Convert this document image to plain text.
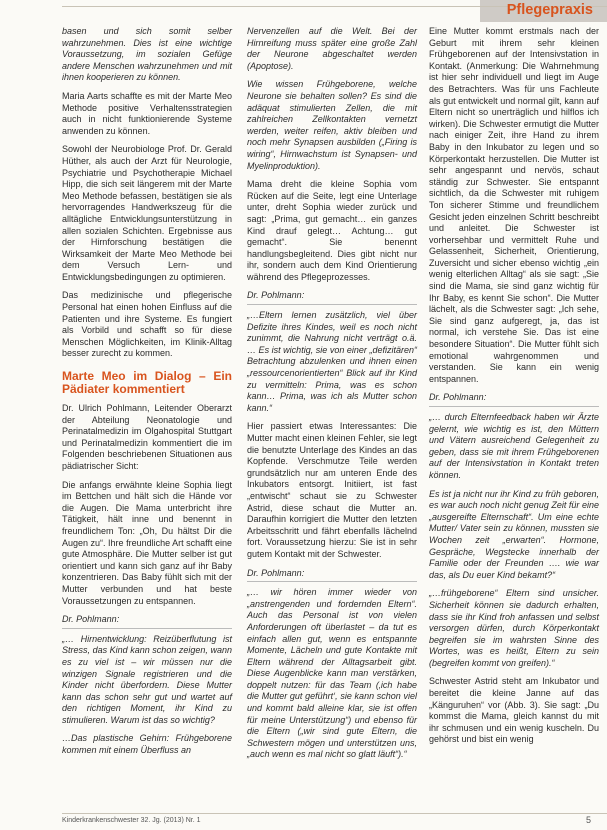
Pflegepraxis

basen und sich somit selber wahrzunehmen. Dies ist eine wichtige Voraussetzung, im sozialen Gefüge andere Menschen wahrzunehmen und mit ihnen kooperieren zu können.

Maria Aarts schaffte es mit der Marte Meo Methode positive Verhaltensstrategien auch in nicht funktionierende Systeme anwenden zu können.

Sowohl der Neurobiologe Prof. Dr. Gerald Hüther, als auch der Arzt für Neurologie, Psychiatrie und Psychotherapie Michael Hipp, die sich seit längerem mit der Marte Meo Methode befassen, bestätigen sie als hervorragendes Handwerkszeug für die alltägliche Entwicklungsunterstützung in allen sozialen Schichten. Ergebnisse aus der Hirnforschung bestätigen die Wirksamkeit der Marte Meo Methode bei dem Versuch Lern- und Entwicklungsbedingungen zu optimieren.

Das medizinische und pflegerische Personal hat einen hohen Einfluss auf die Patienten und ihre Systeme. Es fungiert als Vorbild und schafft so für diese Menschen Möglichkeiten, im Klinik-Alltag besser zurecht zu kommen.

Marte Meo im Dialog – Ein Pädiater kommentiert

Dr. Ulrich Pohlmann, Leitender Oberarzt der Abteilung Neonatologie und Perinatalmedizin im Olgahospital Stuttgart und Perinatalmedizin kommentiert die im Folgenden beschriebenen Situationen aus pädiatrischer Sicht:

Die anfangs erwähnte kleine Sophia liegt im Bettchen und hält sich die Hände vor die Augen. Die Mama unterbricht ihre Tätigkeit, hält inne und benennt in freundlichem Ton: „Oh, Du hältst Dir die Augen zu“. Ihre freundliche Art schafft eine gute Atmosphäre. Die Mutter selber ist gut orientiert und kann sich ganz auf ihr Baby konzentrieren. Das Baby fühlt sich mit der Mutter verbunden und hat beste Voraussetzungen zu entspannen.

Dr. Pohlmann:

„… Hirnentwicklung: Reizüberflutung ist Stress, das Kind kann schon zeigen, wann es zu viel ist – wir müssen nur die winzigen Signale registrieren und die Kinder nicht überfordern. Diese Mutter kann das schon sehr gut und wartet auf den richtigen Moment, ihr Kind zu stimulieren. Warum ist das so wichtig?

…Das plastische Gehirn: Frühgeborene kommen mit einem Überfluss an

Nervenzellen auf die Welt. Bei der Hirnreifung muss später eine große Zahl der Neurone abgeschaltet werden (Apoptose).

Wie wissen Frühgeborene, welche Neurone sie behalten sollen? Es sind die adäquat stimulierten Zellen, die mit zahlreichen Zellkontakten vernetzt werden, weiter reifen, aktiv bleiben und noch mehr Synapsen ausbilden („Firing is wiring“, Hirnwachstum ist Synapsen- und Myelinproduktion).

Mama dreht die kleine Sophia vom Rücken auf die Seite, legt eine Unterlage unter, dreht Sophia wieder zurück und sagt: „Prima, gut gemacht… ein ganzes Kind drauf gelegt… Achtung… gut gemacht“. Sie benennt handlungsbegleitend. Dies gibt nicht nur ihr, sondern auch dem Kind Orientierung während des Pflegeprozesses.

Dr. Pohlmann:

„…Eltern lernen zusätzlich, viel über Defizite ihres Kindes, weil es noch nicht zunimmt, die Nahrung nicht verträgt o.ä. … Es ist wichtig, sie von einer „defizitären“ Betrachtung abzulenken und ihnen einen „ressourcenorientierten“ Blick auf ihr Kind zu vermitteln: Prima, was es schon kann… Prima, was ich als Mutter schon kann.“

Hier passiert etwas Interessantes: Die Mutter macht einen kleinen Fehler, sie legt die benutzte Unterlage des Kindes an das Kopfende. Verschmutze Teile werden grundsätzlich nur am unteren Ende des Inkubators entsorgt. Initiiert, ist fast „entwischt“ schaut sie zu Schwester Astrid, diese schaut die Mutter an. Daraufhin korrigiert die Mutter den letzten Arbeitsschritt und fährt ebenfalls lächelnd fort. Voraussetzung hierzu: Sie ist in sehr gutem Kontakt mit der Schwester.

Dr. Pohlmann:

„… wir hören immer wieder von „anstrengenden und fordernden Eltern“. Auch das Personal ist von vielen Anforderungen oft überlastet – da tut es einfach allen gut, wenn es entspannte Momente, Lächeln und gute Kontakte mit Eltern während der Alltagsarbeit gibt. Diese Augenblicke kann man verstärken, doppelt nutzen: für das Team (‚ich habe die Mutter gut geführt‘, sie kann schon viel und kommt bald alleine klar, sie ist offen für meine Unterstützung“) und ebenso für die Eltern („wir sind gute Eltern, die Schwestern mögen und unterstützen uns, „auch wenn es mal nicht so glatt läuft“).“

Eine Mutter kommt erstmals nach der Geburt mit ihrem sehr kleinen Frühgeborenen auf der Intensivstation in Kontakt. (Anmerkung: Die Wahrnehmung ist hier sehr individuell und liegt im Auge des Betrachters. Was für uns Fachleute als gut entwickelt und normal gilt, kann auf Eltern nicht so unerträglich und hilflos ich wirken). Die Schwester ermutigt die Mutter nach einiger Zeit, ihre Hand zu ihrem Baby in den Inkubator zu legen und so Körperkontakt herzustellen. Die Mutter ist sehr angespannt und nervös, schaut ständig zur Schwester. Sie entspannt sichtlich, da die Schwester mit ruhigem Ton sicherer Stimme und freundlichem Gesicht jeden einzelnen Schritt beschreibt und anleitet. Die Schwester ist vorhersehbar und vermittelt Ruhe und Gelassenheit, Sicherheit, Orientierung, Zuversicht und sicher ebenso wichtig „ein wenig elterlichen Alltag“ als sie sagt: „Sie sind die Mama, sie sind ganz wichtig für Ihr Baby, es kennt Sie schon“. Die Mutter lächelt, als die Schwester sagt: „Ich sehe, Sie sind ganz aufgeregt, ja, das ist normal, ich verstehe Sie. Das ist eine besondere Situation“. Die Mutter fühlt sich emotional wahrgenommen und verstanden. Sie kann ein wenig entspannen.

Dr. Pohlmann:

„… durch Elternfeedback haben wir Ärzte gelernt, wie wichtig es ist, den Müttern und Vätern ausreichend Gelegenheit zu geben, dass sie mit ihrem Frühgeborenen auf der Intensivstation in Kontakt treten können.

Es ist ja nicht nur ihr Kind zu früh geboren, es war auch noch nicht genug Zeit für eine „ausgereifte Elternschaft“. Um eine echte Mutter/ Vater sein zu können, mussten sie Wochen zeit „erwarten“. Hormone, Gespräche, Wegstecke innerhalb der Familie oder der Freunden …. wie war das, als Du euer Kind bekamt?“

„…frühgeborene“ Eltern sind unsicher. Sicherheit können sie dadurch erhalten, dass sie ihr Kind froh anfassen und selbst versorgen dürfen, durch Körperkontakt begreifen sie im wahrsten Sinne des Wortes, was es heißt, Eltern zu sein (begreifen kommt von greifen).“

Schwester Astrid steht am Inkubator und bereitet die kleine Janne auf das „Känguruhen“ vor (Abb. 3). Sie sagt: „Du kommst die Mama, gleich kannst du mit ihr schmusen und ein wenig kuscheln. Du gehörst und bist ein wenig

Kinderkrankenschwester 32. Jg. (2013) Nr. 1	5
